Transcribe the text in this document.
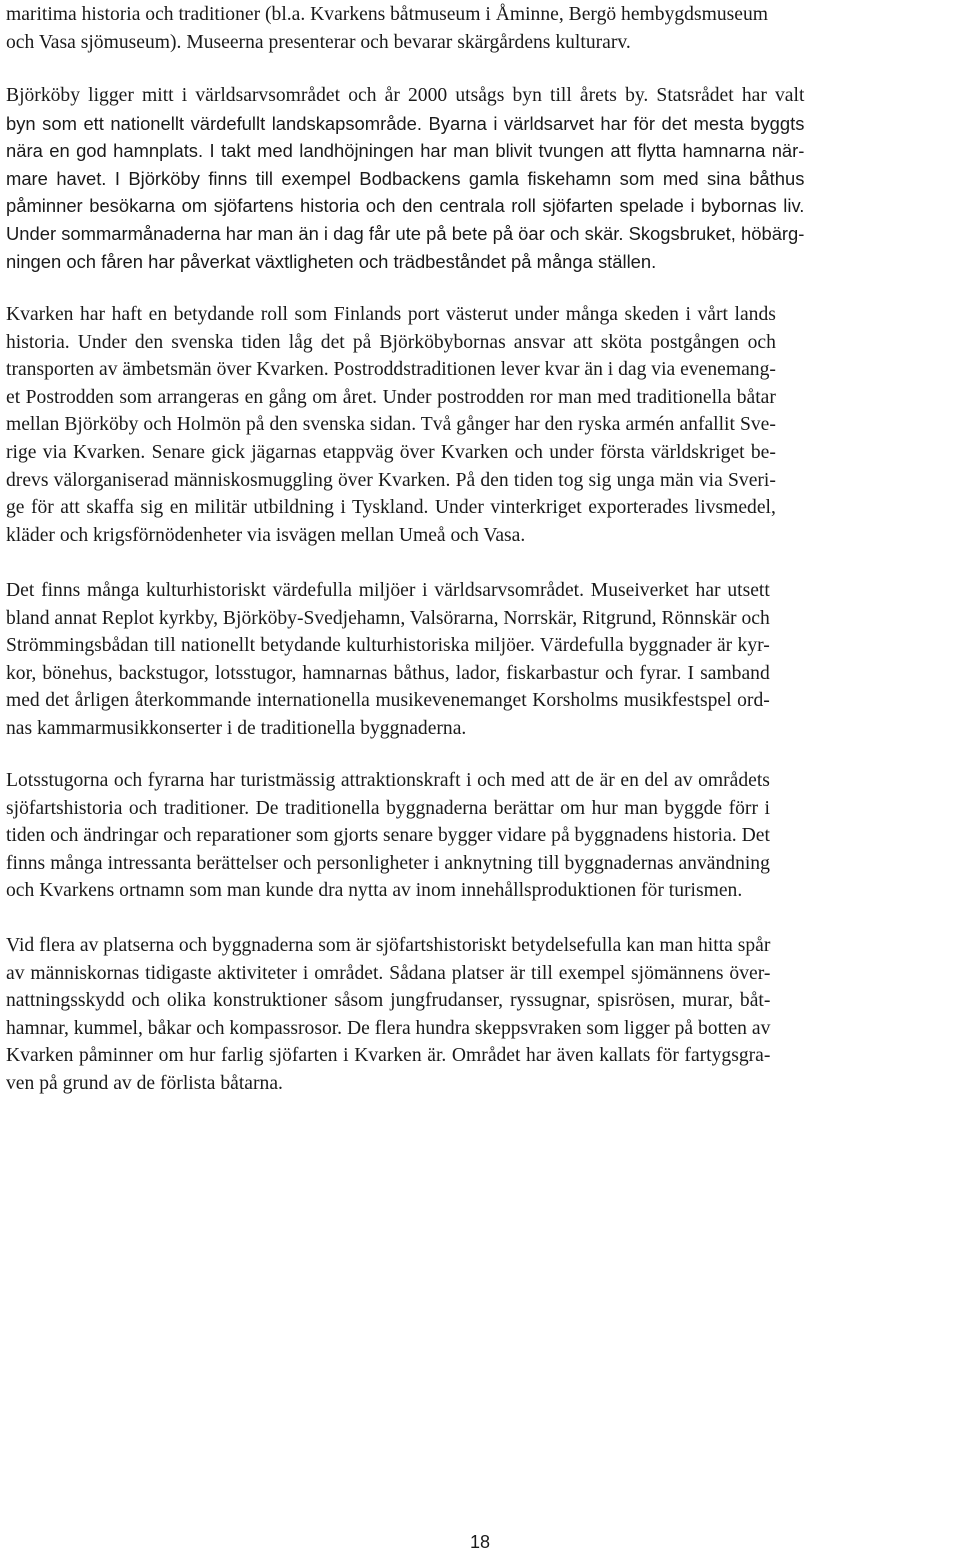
maritima historia och traditioner (bl.a. Kvarkens båtmuseum i Åminne, Bergö hembygdsmuseum
och Vasa sjömuseum). Museerna presenterar och bevarar skärgårdens kulturarv.

Björköby ligger mitt i världsarvsområdet och år 2000 utsågs byn till årets by. Statsrådet har valt
byn som ett nationellt värdefullt landskapsområde. Byarna i världsarvet har för det mesta byggts
nära en god hamnplats. I takt med landhöjningen har man blivit tvungen att flytta hamnarna när-
mare havet. I Björköby finns till exempel Bodbackens gamla fiskehamn som med sina båthus
påminner besökarna om sjöfartens historia och den centrala roll sjöfarten spelade i bybornas liv.
Under sommarmånaderna har man än i dag får ute på bete på öar och skär. Skogsbruket, höbärg-
ningen och fåren har påverkat växtligheten och trädbeståndet på många ställen.

Kvarken har haft en betydande roll som Finlands port västerut under många skeden i vårt lands
historia. Under den svenska tiden låg det på Björköbybornas ansvar att sköta postgången och
transporten av ämbetsmän över Kvarken. Postroddstraditionen lever kvar än i dag via evenemang-
et Postrodden som arrangeras en gång om året. Under postrodden ror man med traditionella båtar
mellan Björköby och Holmön på den svenska sidan. Två gånger har den ryska armén anfallit Sve-
rige via Kvarken. Senare gick jägarnas etappväg över Kvarken och under första världskriget be-
drevs välorganiserad människosmuggling över Kvarken. På den tiden tog sig unga män via Sveri-
ge för att skaffa sig en militär utbildning i Tyskland. Under vinterkriget exporterades livsmedel,
kläder och krigsförnödenheter via isvägen mellan Umeå och Vasa.

Det finns många kulturhistoriskt värdefulla miljöer i världsarvsområdet. Museiverket har utsett
bland annat Replot kyrkby, Björköby-Svedjehamn, Valsörarna, Norrskär, Ritgrund, Rönnskär och
Strömmingsbådan till nationellt betydande kulturhistoriska miljöer. Värdefulla byggnader är kyr-
kor, bönehus, backstugor, lotsstugor, hamnarnas båthus, lador, fiskarbastur och fyrar. I samband
med det årligen återkommande internationella musikevenemanget Korsholms musikfestspel ord-
nas kammarmusikkonserter i de traditionella byggnaderna.

Lotsstugorna och fyrarna har turistmässig attraktionskraft i och med att de är en del av områdets
sjöfartshistoria och traditioner. De traditionella byggnaderna berättar om hur man byggde förr i
tiden och ändringar och reparationer som gjorts senare bygger vidare på byggnadens historia. Det
finns många intressanta berättelser och personligheter i anknytning till byggnadernas användning
och Kvarkens ortnamn som man kunde dra nytta av inom innehållsproduktionen för turismen.

Vid flera av platserna och byggnaderna som är sjöfartshistoriskt betydelsefulla kan man hitta spår
av människornas tidigaste aktiviteter i området. Sådana platser är till exempel sjömännens över-
nattningsskydd och olika konstruktioner såsom jungfrudanser, ryssugnar, spisrösen, murar, båt-
hamnar, kummel, båkar och kompassrosor. De flera hundra skeppsvraken som ligger på botten av
Kvarken påminner om hur farlig sjöfarten i Kvarken är. Området har även kallats för fartygsgra-
ven på grund av de förlista båtarna.

18
